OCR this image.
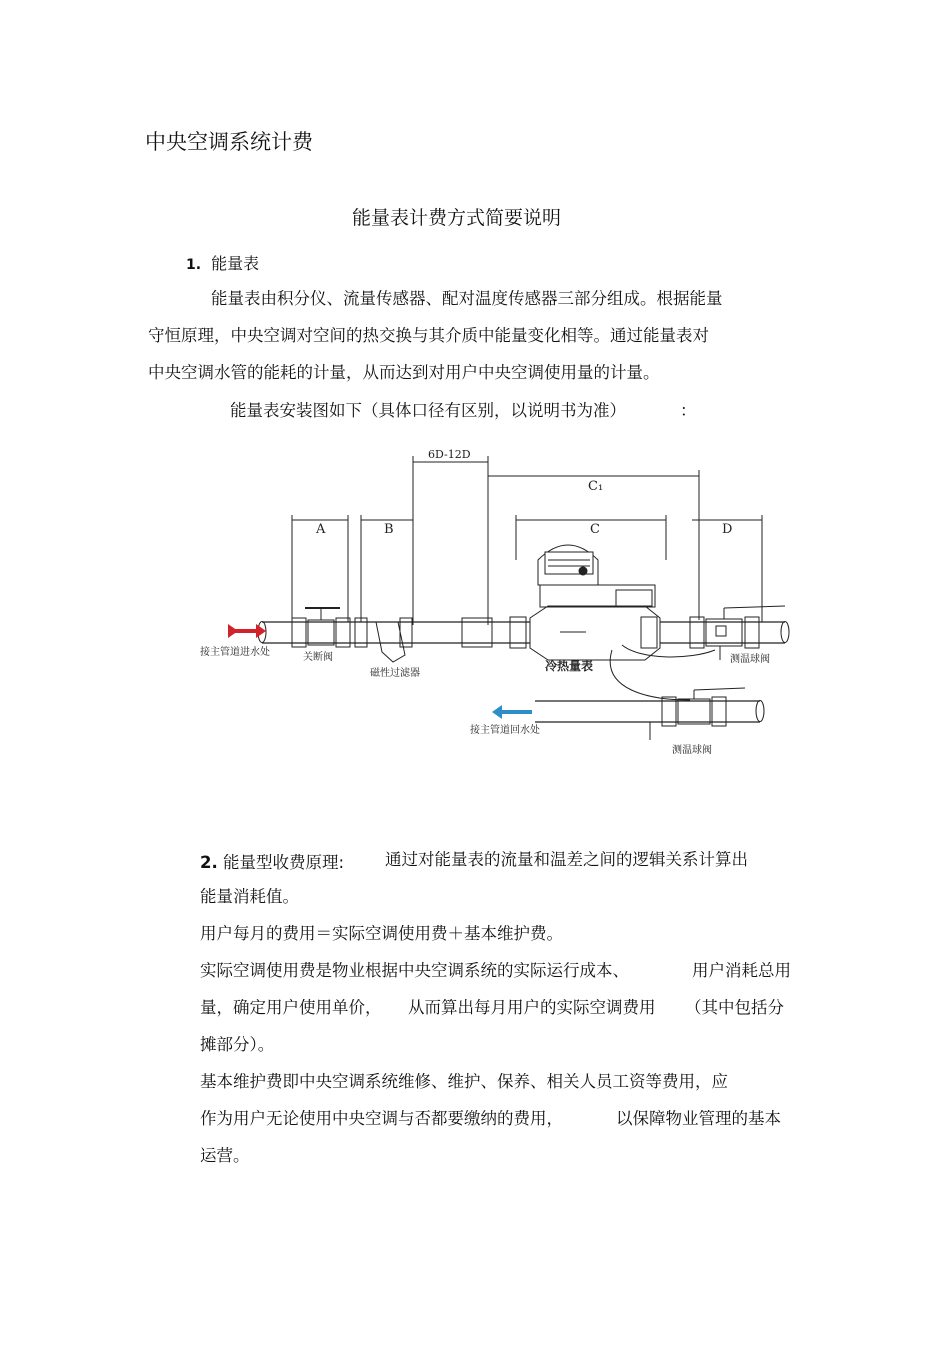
中央空调系统计费
能量表计费方式简要说明
1. 能量表
能量表由积分仪、流量传感器、配对温度传感器三部分组成。根据能量
守恒原理，中央空调对空间的热交换与其介质中能量变化相等。通过能量表对
中央空调水管的能耗的计量，从而达到对用户中央空调使用量的计量。
能量表安装图如下（具体口径有区别，以说明书为准）	：
6D-12D
C₁
A	B	C	D
接主管道进水处	关断阀
磁性过滤器
冷热量表	测温球阀
接主管道回水处
测温球阀
2. 能量型收费原理: 通过对能量表的流量和温差之间的逻辑关系计算出
能量消耗值。
用户每月的费用＝实际空调使用费＋基本维护费。
实际空调使用费是物业根据中央空调系统的实际运行成本、	用户消耗总用
量，确定用户使用单价， 从而算出每月用户的实际空调费用 （其中包括分
摊部分）。
基本维护费即中央空调系统维修、维护、保养、相关人员工资等费用，应
作为用户无论使用中央空调与否都要缴纳的费用，	以保障物业管理的基本
运营。
